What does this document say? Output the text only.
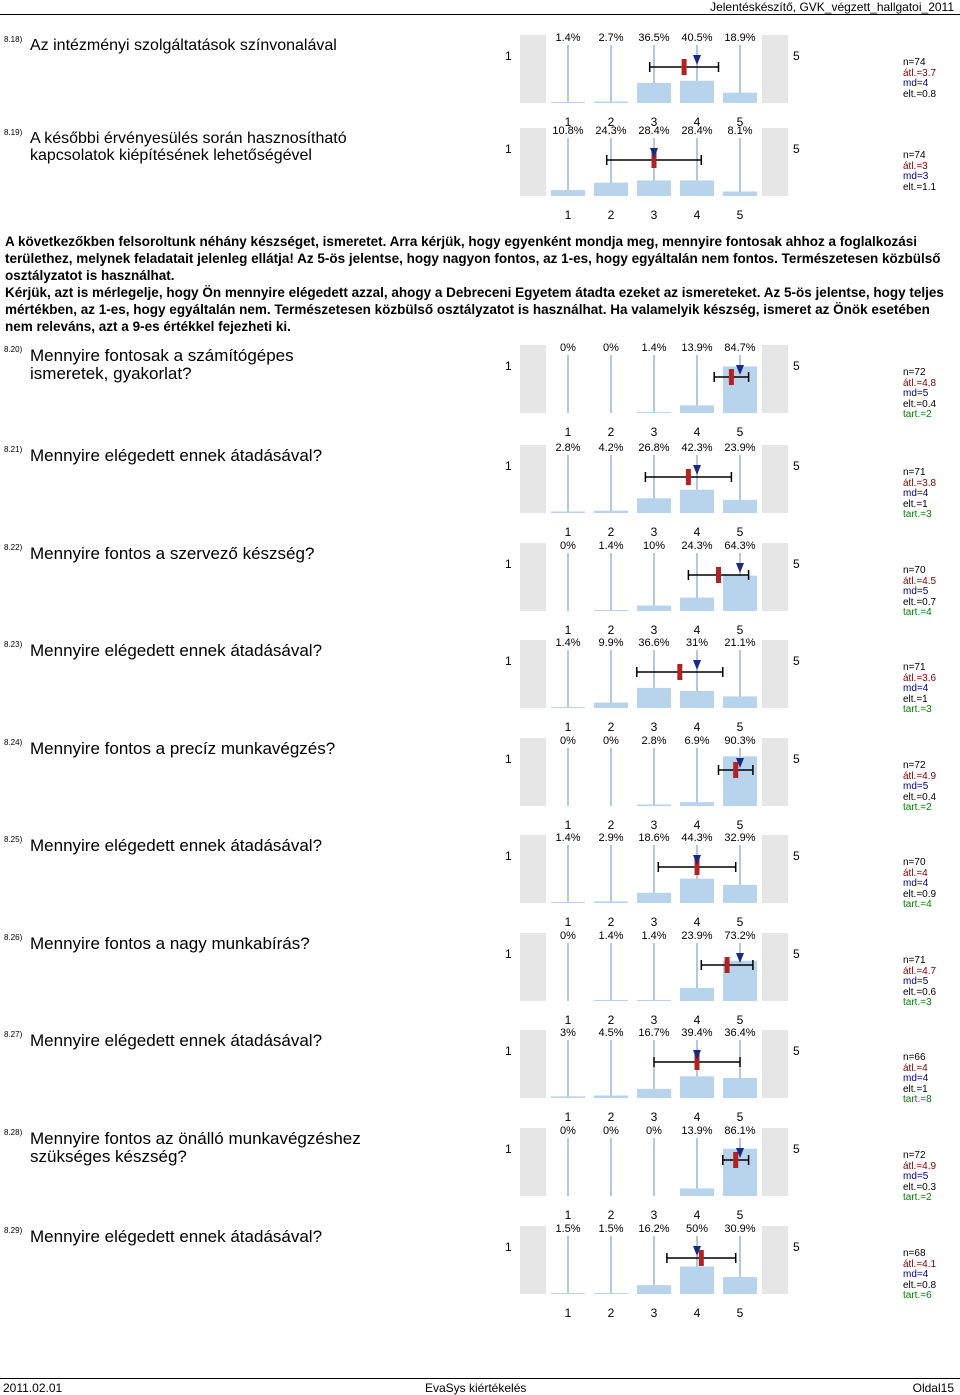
Jelentéskészítő, GVK_végzett_hallgatoi_2011

A következőkben felsoroltunk néhány készséget, ismeretet. Arra kérjük, hogy egyenként mondja meg, mennyire fontosak ahhoz a foglalkozási területhez, melynek feladatait jelenleg ellátja! Az 5-ös jelentse, hogy nagyon fontos, az 1-es, hogy egyáltalán nem fontos. Természetesen közbülső osztályzatot is használhat.

Kérjük, azt is mérlegelje, hogy Ön mennyire elégedett azzal, ahogy a Debreceni Egyetem átadta ezeket az ismereteket. Az 5-ös jelentse, hogy teljes mértékben, az 1-es, hogy egyáltalán nem. Természetesen közbülső osztályzatot is használhat. Ha valamelyik készség, ismeret az Önök esetében nem releváns, azt a 9-es értékkel fejezheti ki.

8.18) Az intézményi szolgáltatások színvonalával
1	5
1.4%	2.7%	36.5%	40.5%	18.9%
1	2	3	4	5
n=74
átl.=3.7
md=4
elt.=0.8
8.19) A későbbi érvényesülés során hasznosítható kapcsolatok kiépítésének lehetőségével	1	5
10.8%	24.3%	28.4%	28.4%	8.1%
1	2	3	4	5
n=74
átl.=3
md=3
elt.=1.1
8.20) Mennyire fontosak a számítógépes ismeretek, gyakorlat?	1	5
0%	0%	1.4%	13.9%	84.7%
1	2	3	4	5
n=72
átl.=4.8
md=5
elt.=0.4
tart.=2
8.21) Mennyire elégedett ennek átadásával?
1	5
2.8%	4.2%	26.8%	42.3%	23.9%
1	2	3	4	5
n=71
átl.=3.8
md=4
elt.=1
tart.=3
8.22) Mennyire fontos a szervező készség?
1	5
0%	1.4%	10%	24.3%	64.3%
1	2	3	4	5
n=70
átl.=4.5
md=5
elt.=0.7
tart.=4
8.23) Mennyire elégedett ennek átadásával?
1	5
1.4%	9.9%	36.6%	31%	21.1%
1	2	3	4	5
n=71
átl.=3.6
md=4
elt.=1
tart.=3
8.24) Mennyire fontos a precíz munkavégzés?
1	5
0%	0%	2.8%	6.9%	90.3%
1	2	3	4	5
n=72
átl.=4.9
md=5
elt.=0.4
tart.=2
8.25) Mennyire elégedett ennek átadásával?
1	5
1.4%	2.9%	18.6%	44.3%	32.9%
1	2	3	4	5
n=70
átl.=4
md=4
elt.=0.9
tart.=4
8.26) Mennyire fontos a nagy munkabírás?
1	5
0%	1.4%	1.4%	23.9%	73.2%
1	2	3	4	5
n=71
átl.=4.7
md=5
elt.=0.6
tart.=3
8.27) Mennyire elégedett ennek átadásával?
1	5
3%	4.5%	16.7%	39.4%	36.4%
1	2	3	4	5
n=66
átl.=4
md=4
elt.=1
tart.=8
8.28) Mennyire fontos az önálló munkavégzéshez szükséges készség?	1	5
0%	0%	0%	13.9%	86.1%
1	2	3	4	5
n=72
átl.=4.9
md=5
elt.=0.3
tart.=2
8.29) Mennyire elégedett ennek átadásával?
1	5
1.5%	1.5%	16.2%	50%	30.9%
1	2	3	4	5
n=68
átl.=4.1
md=4
elt.=0.8
tart.=6
2011.02.01	EvaSys kiértékelés	Oldal15
